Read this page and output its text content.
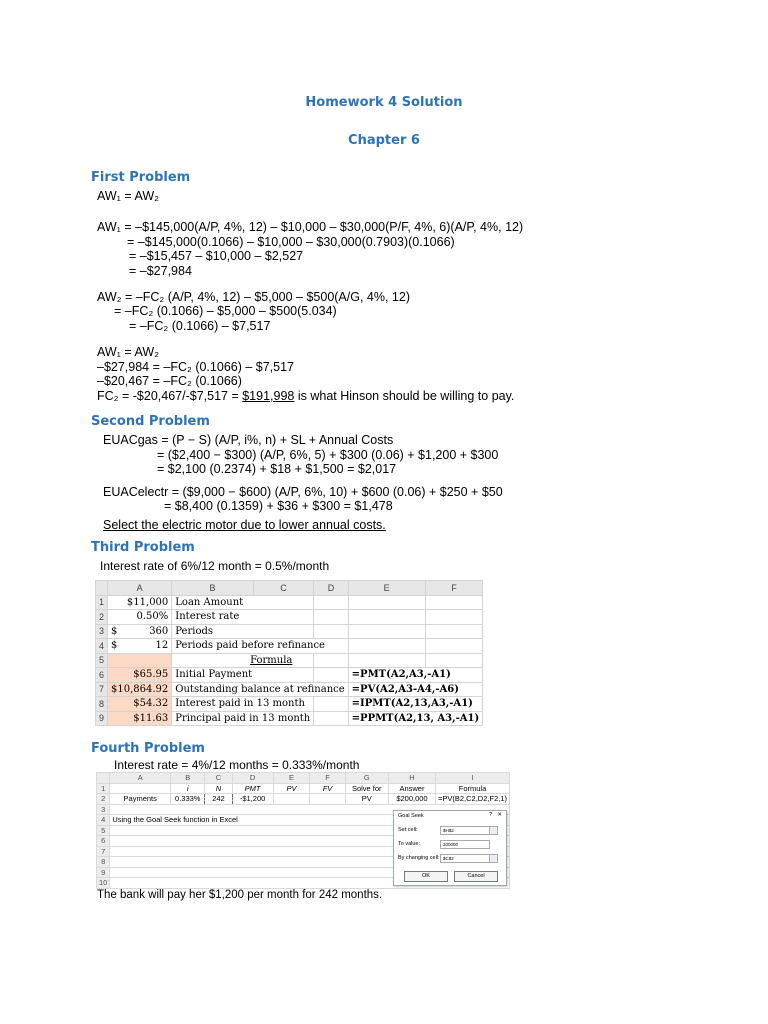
Homework 4 Solution
Chapter 6
First Problem
AW₁ = AW₂
AW₁ = –$145,000(A/P, 4%, 12) – $10,000 – $30,000(P/F, 4%, 6)(A/P, 4%, 12)
= –$145,000(0.1066) – $10,000 – $30,000(0.7903)(0.1066)
= –$15,457 – $10,000 – $2,527
= –$27,984
AW₂ = –FC₂ (A/P, 4%, 12) – $5,000 – $500(A/G, 4%, 12)
= –FC₂ (0.1066) – $5,000 – $500(5.034)
= –FC₂ (0.1066) – $7,517
AW₁ = AW₂
–$27,984 = –FC₂ (0.1066) – $7,517
–$20,467 = –FC₂ (0.1066)
FC₂ = -$20,467/-$7,517 = $191,998 is what Hinson should be willing to pay.
Second Problem
EUACgas = (P − S) (A/P, i%, n) + SL + Annual Costs
= ($2,400 − $300) (A/P, 6%, 5) + $300 (0.06) + $1,200 + $300
= $2,100 (0.2374) + $18 + $1,500 = $2,017
EUACelectr = ($9,000 − $600) (A/P, 6%, 10) + $600 (0.06) + $250 + $50
= $8,400 (0.1359) + $36 + $300 = $1,478
Select the electric motor due to lower annual costs.
Third Problem
Interest rate of 6%/12 month = 0.5%/month
	A	B	C	D	E	F
1	$11,000	Loan Amount				
2	0.50%	Interest rate				
3	$ 360	Periods				
4	$ 12	Periods paid before refinance				
5		Formula				
6	$65.95	Initial Payment			=PMT(A2,A3,-A1)	
7	$10,864.92	Outstanding balance at refinance			=PV(A2,A3-A4,-A6)	
8	$54.32	Interest paid in 13 month			=IPMT(A2,13,A3,-A1)	
9	$11.63	Principal paid in 13 month			=PPMT(A2,13, A3,-A1)	
Fourth Problem
Interest rate = 4%/12 months = 0.333%/month
	A	B	C	D	E	F	G	H	I
1		i	N	PMT	PV	FV	Solve for	Answer	Formula
2	Payments	0.333%	242	-$1,200			PV	$200,000	=PV(B2,C2,D2,F2,1)
3									
4	Using the Goal Seek function in Excel								
5									
6									
7									
8									
9									
10									
Goal Seek	? ✕
Set cell:	$H$2
To value:	200000
By changing cell: $C$2
OK	Cancel
The bank will pay her $1,200 per month for 242 months.
